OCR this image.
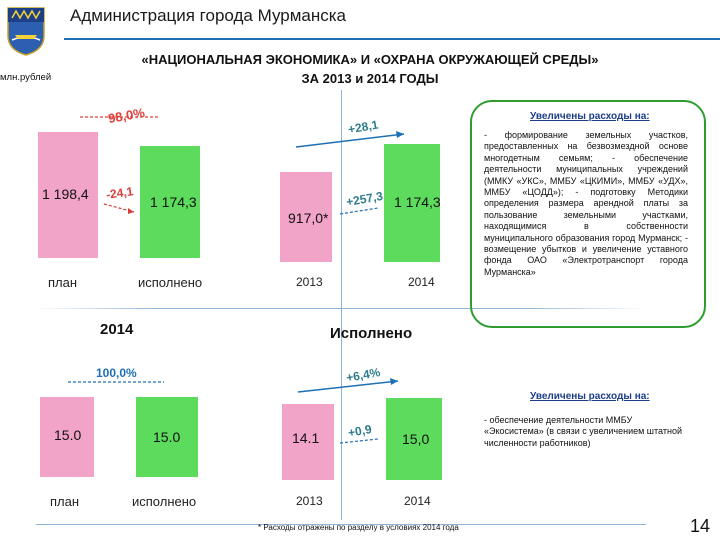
Администрация города Мурманска
млн.рублей
«НАЦИОНАЛЬНАЯ ЭКОНОМИКА» И «ОХРАНА ОКРУЖАЮЩЕЙ СРЕДЫ»
ЗА 2013 и 2014 ГОДЫ
98,0%
1 198,4 -24,1
1 174,3
план	исполнено
+28,1
917,0*
+257,3 1 174,3
2013	2014
Увеличены расходы на:
- формирование земельных участков, предоставленных на безвозмездной основе многодетным семьям; - обеспечение деятельности муниципальных учреждений (ММКУ «УКС», ММБУ «ЦКИМИ», ММБУ «УДХ», ММБУ «ЦОДД»); - подготовку Методики определения размера арендной платы за пользование земельными участками, находящимися в собственности муниципального образования город Мурманск; - возмещение убытков и увеличение уставного фонда ОАО «Электротранспорт города Мурманска»
2014	Исполнено
100,0%
15.0	15.0
план	исполнено
+6,4%
14.1 +0,9 15,0
2013	2014
Увеличены расходы на:
- обеспечение деятельности ММБУ «Экосистема» (в связи с увеличением штатной численности работников)
* Расходы отражены по разделу в условиях 2014 года	14
